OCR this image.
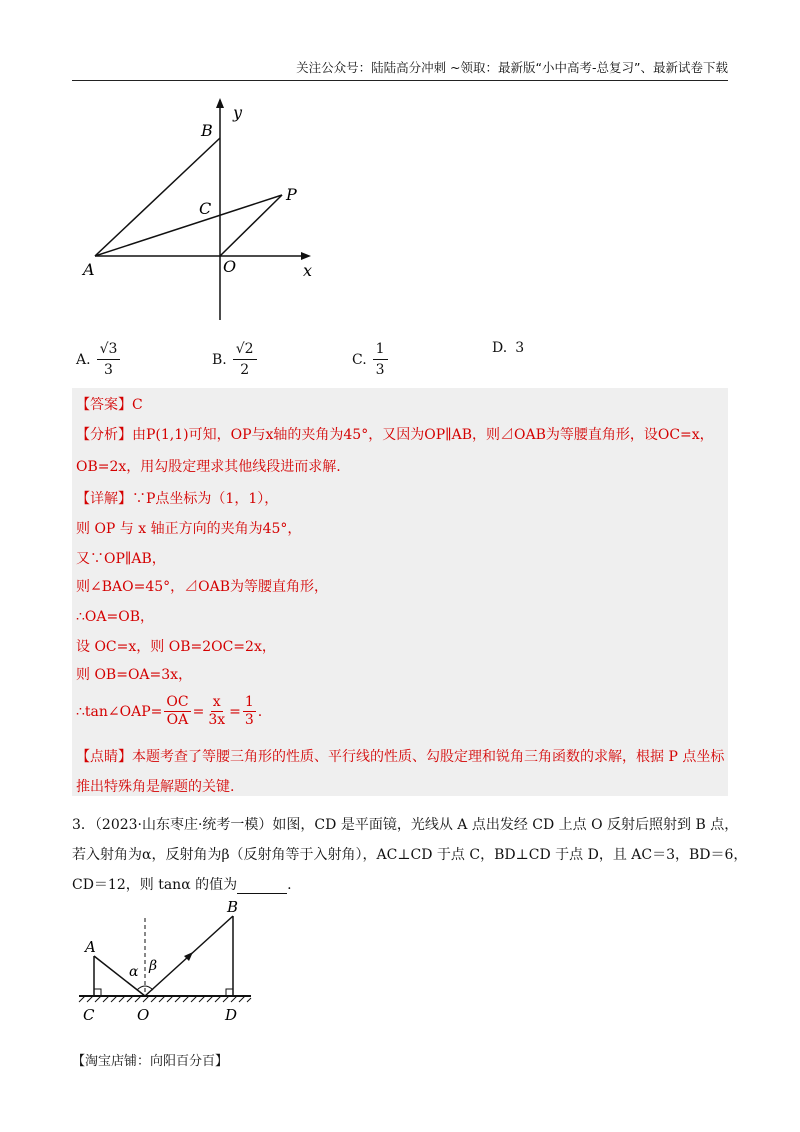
关注公众号：陆陆高分冲刺 ~领取：最新版“小中高考-总复习”、最新试卷下载
B
y
C
P
A	O	x
A. $\frac{√3}{3}$	B. $\frac{√2}{2}$	C. $\frac{1}{3}$	D. 3
【答案】C
【分析】由P(1,1)可知，OP与x轴的夹角为45°，又因为OP∥AB，则⊿OAB为等腰直角形，设OC=x，
OB=2x，用勾股定理求其他线段进而求解.
【详解】∵P点坐标为（1，1），
则 OP 与 x 轴正方向的夹角为45°，
又∵OP∥AB，
则∠BAO=45°，⊿OAB为等腰直角形，
∴OA=OB，
设 OC=x，则 OB=2OC=2x，
则 OB=OA=3x，
∴tan∠OAP= $\frac{OC}{OA} = \frac{x}{3x} = \frac{1}{3}$ .
【点睛】本题考查了等腰三角形的性质、平行线的性质、勾股定理和锐角三角函数的求解，根据 P 点坐标
推出特殊角是解题的关键.
3．（2023·山东枣庄·统考一模）如图，CD 是平面镜，光线从 A 点出发经 CD 上点 O 反射后照射到 B 点，
若入射角为α，反射角为β（反射角等于入射角），AC⊥CD 于点 C，BD⊥CD 于点 D，且 AC＝3，BD＝6，
CD＝12，则 tanα 的值为	.
A
B
C	O	D
α β
【淘宝店铺：向阳百分百】
